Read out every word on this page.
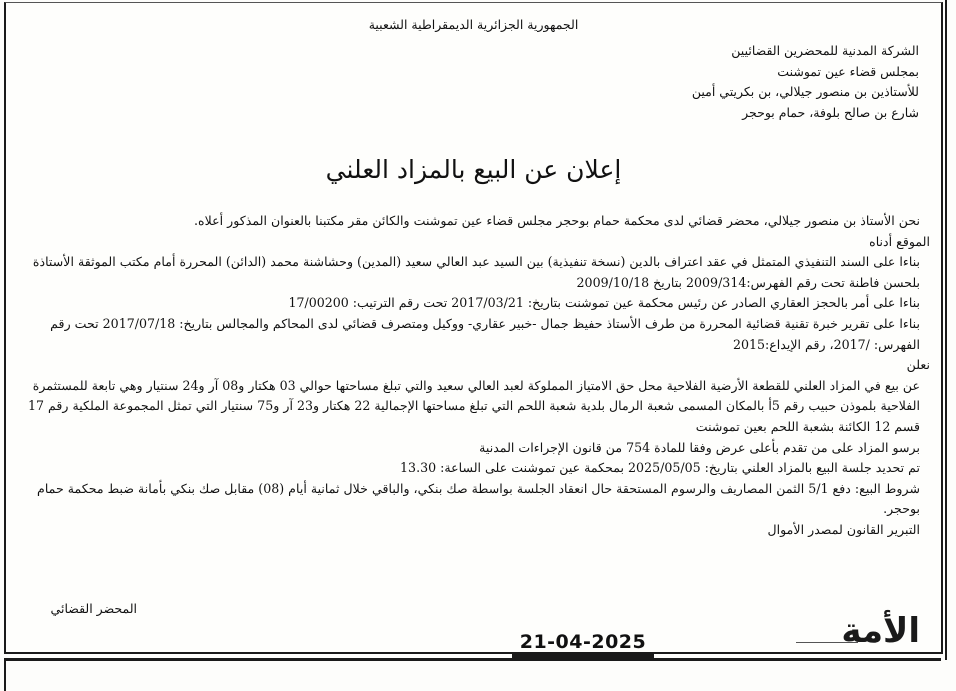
الجمهورية الجزائرية الديمقراطية الشعبية
الشركة المدنية للمحضرين القضائيين
بمجلس قضاء عين تموشنت
للأستاذين بن منصور جيلالي، بن بكريتي أمين
شارع بن صالح بلوفة، حمام بوحجر
إعلان عن البيع بالمزاد العلني

نحن الأستاذ بن منصور جيلالي، محضر قضائي لدى محكمة حمام بوحجر مجلس قضاء عين تموشنت والكائن مقر مكتبنا بالعنوان المذكور أعلاه.

الموقع أدناه

بناءا على السند التنفيذي المتمثل في عقد اعتراف بالدين (نسخة تنفيذية) بين السيد عبد العالي سعيد (المدين) وحشاشنة محمد (الدائن) المحررة أمام مكتب الموثقة الأستاذة بلحسن فاطنة تحت رقم الفهرس:2009/314 بتاريخ 2009/10/18

بناءا على أمر بالحجز العقاري الصادر عن رئيس محكمة عين تموشنت بتاريخ: 2017/03/21 تحت رقم الترتيب: 17/00200

بناءا على تقرير خبرة تقنية قضائية المحررة من طرف الأستاذ حفيظ جمال -خبير عقاري- ووكيل ومتصرف قضائي لدى المحاكم والمجالس بتاريخ: 2017/07/18 تحت رقم الفهرس: /2017، رقم الإيداع:2015

نعلن

عن بيع في المزاد العلني للقطعة الأرضية الفلاحية محل حق الامتياز المملوكة لعبد العالي سعيد والتي تبلغ مساحتها حوالي 03 هكتار و08 آر و24 سنتيار وهي تابعة للمستثمرة الفلاحية بلموذن حبيب رقم 5أ بالمكان المسمى شعبة الرمال بلدية شعبة اللحم التي تبلغ مساحتها الإجمالية 22 هكتار و23 آر و75 سنتيار التي تمثل المجموعة الملكية رقم 17 قسم 12 الكائنة بشعبة اللحم بعين تموشنت

برسو المزاد على من تقدم بأعلى عرض وفقا للمادة 754 من قانون الإجراءات المدنية

تم تحديد جلسة البيع بالمزاد العلني بتاريخ: 2025/05/05 بمحكمة عين تموشنت على الساعة: 13.30

شروط البيع: دفع 5/1 الثمن المصاريف والرسوم المستحقة حال انعقاد الجلسة بواسطة صك بنكي، والباقي خلال ثمانية أيام (08) مقابل صك بنكي بأمانة ضبط محكمة حمام بوحجر.

التبرير القانون لمصدر الأموال

المحضر القضائي
21-04-2025	الأمة
